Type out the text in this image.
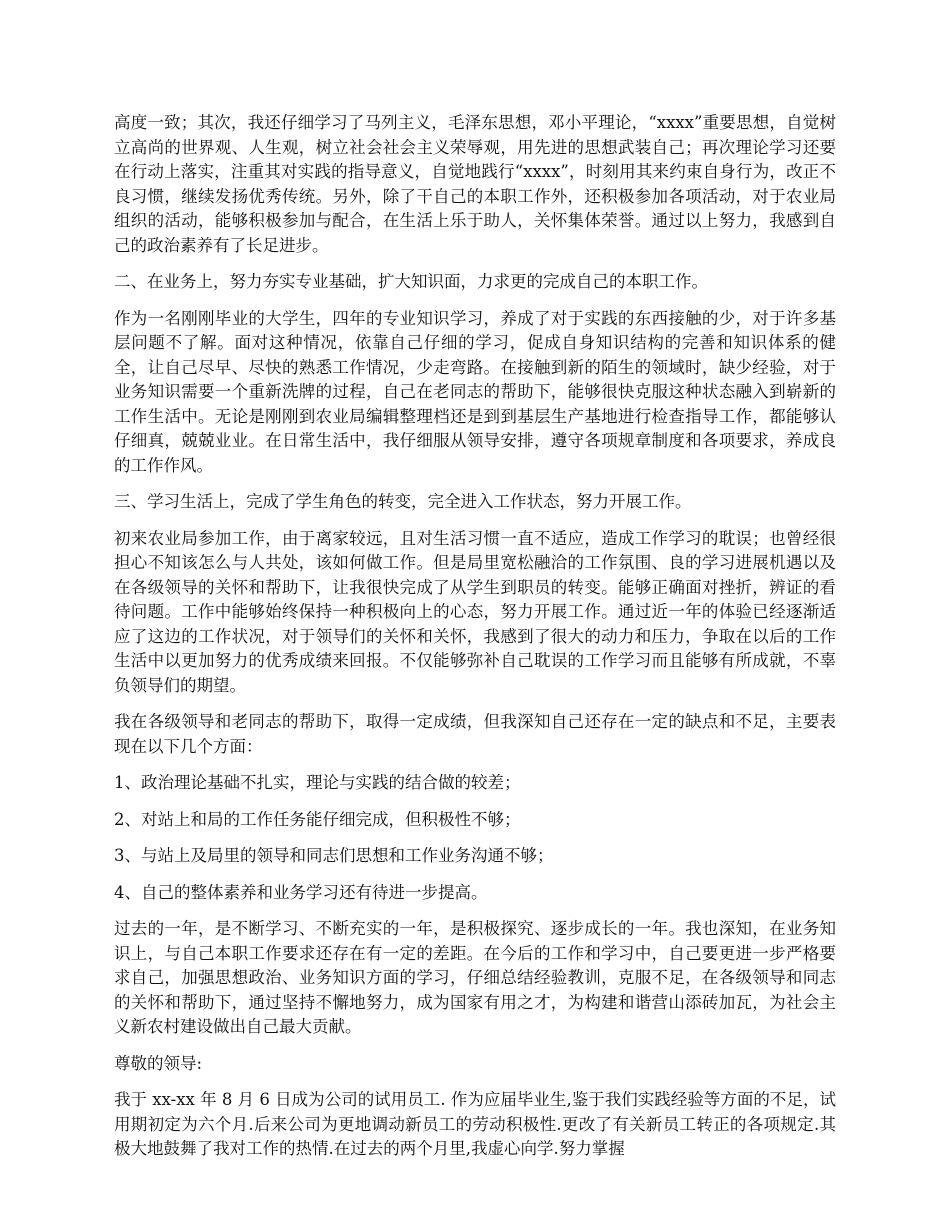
高度一致；其次，我还仔细学习了马列主义，毛泽东思想，邓小平理论，“xxxx”重要思想，自觉树立高尚的世界观、人生观，树立社会社会主义荣辱观，用先进的思想武装自己；再次理论学习还要在行动上落实，注重其对实践的指导意义，自觉地践行“xxxx”，时刻用其来约束自身行为，改正不良习惯，继续发扬优秀传统。另外，除了干自己的本职工作外，还积极参加各项活动，对于农业局组织的活动，能够积极参加与配合，在生活上乐于助人，关怀集体荣誉。通过以上努力，我感到自己的政治素养有了长足进步。

二、在业务上，努力夯实专业基础，扩大知识面，力求更的完成自己的本职工作。

作为一名刚刚毕业的大学生，四年的专业知识学习，养成了对于实践的东西接触的少，对于许多基层问题不了解。面对这种情况，依靠自己仔细的学习，促成自身知识结构的完善和知识体系的健全，让自己尽早、尽快的熟悉工作情况，少走弯路。在接触到新的陌生的领域时，缺少经验，对于业务知识需要一个重新洗牌的过程，自己在老同志的帮助下，能够很快克服这种状态融入到崭新的工作生活中。无论是刚刚到农业局编辑整理档还是到到基层生产基地进行检查指导工作，都能够认仔细真，兢兢业业。在日常生活中，我仔细服从领导安排，遵守各项规章制度和各项要求，养成良的工作作风。

三、学习生活上，完成了学生角色的转变，完全进入工作状态，努力开展工作。

初来农业局参加工作，由于离家较远，且对生活习惯一直不适应，造成工作学习的耽误；也曾经很担心不知该怎么与人共处，该如何做工作。但是局里宽松融洽的工作氛围、良的学习进展机遇以及在各级领导的关怀和帮助下，让我很快完成了从学生到职员的转变。能够正确面对挫折，辨证的看待问题。工作中能够始终保持一种积极向上的心态，努力开展工作。通过近一年的体验已经逐渐适应了这边的工作状况，对于领导们的关怀和关怀，我感到了很大的动力和压力，争取在以后的工作生活中以更加努力的优秀成绩来回报。不仅能够弥补自己耽误的工作学习而且能够有所成就，不辜负领导们的期望。

我在各级领导和老同志的帮助下，取得一定成绩，但我深知自己还存在一定的缺点和不足，主要表现在以下几个方面：

1、政治理论基础不扎实，理论与实践的结合做的较差；

2、对站上和局的工作任务能仔细完成，但积极性不够；

3、与站上及局里的领导和同志们思想和工作业务沟通不够；

4、自己的整体素养和业务学习还有待进一步提高。

过去的一年，是不断学习、不断充实的一年，是积极探究、逐步成长的一年。我也深知，在业务知识上，与自己本职工作要求还存在有一定的差距。在今后的工作和学习中，自己要更进一步严格要求自己，加强思想政治、业务知识方面的学习，仔细总结经验教训，克服不足，在各级领导和同志的关怀和帮助下，通过坚持不懈地努力，成为国家有用之才，为构建和谐营山添砖加瓦，为社会主义新农村建设做出自己最大贡献。

尊敬的领导:

我于 xx-xx 年 8 月 6 日成为公司的试用员工. 作为应届毕业生,鉴于我们实践经验等方面的不足，试用期初定为六个月.后来公司为更地调动新员工的劳动积极性.更改了有关新员工转正的各项规定.其极大地鼓舞了我对工作的热情.在过去的两个月里,我虚心向学.努力掌握
